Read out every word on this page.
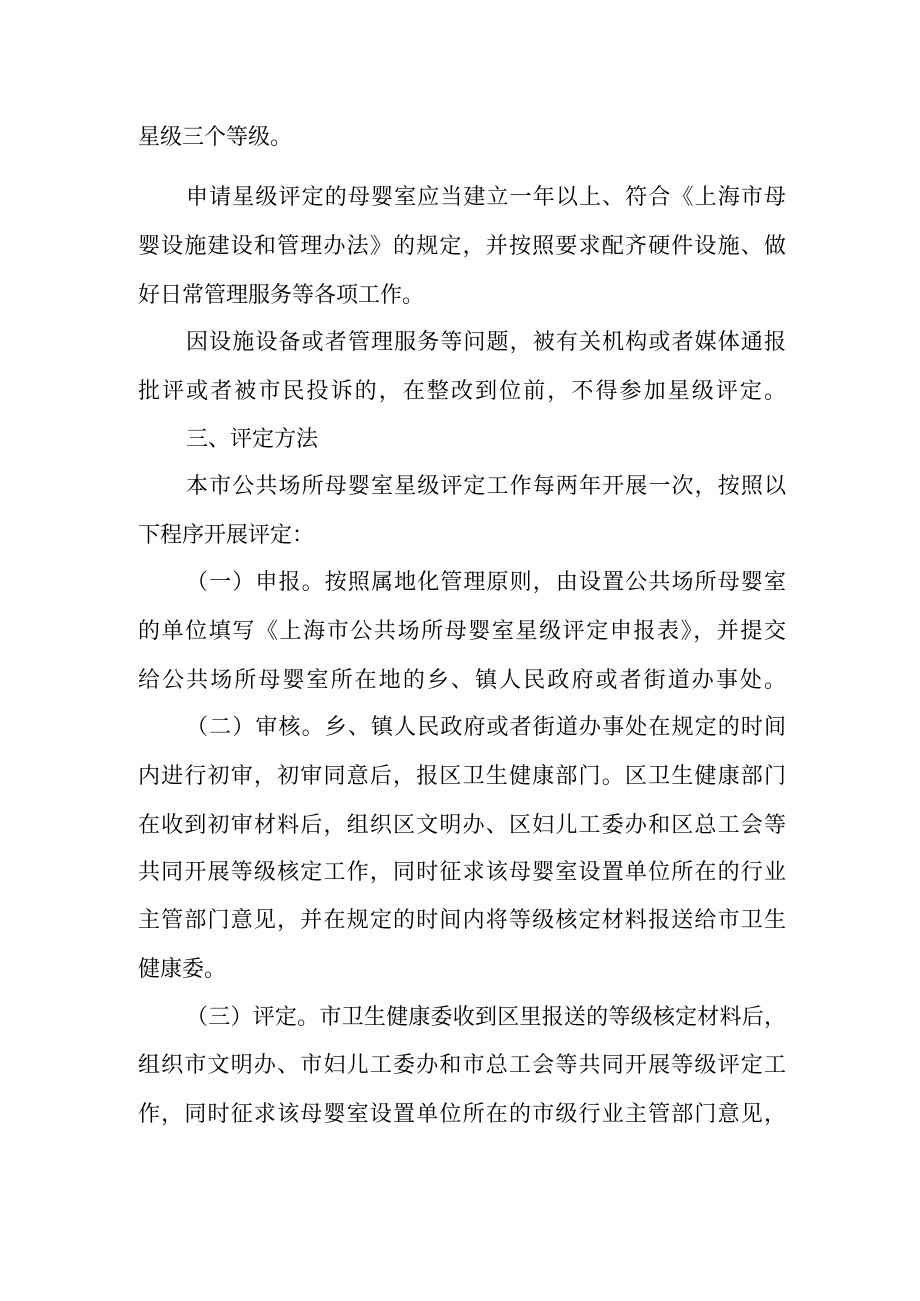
星级三个等级。
申请星级评定的母婴室应当建立一年以上、符合《上海市母
婴设施建设和管理办法》的规定，并按照要求配齐硬件设施、做
好日常管理服务等各项工作。
因设施设备或者管理服务等问题，被有关机构或者媒体通报
批评或者被市民投诉的，在整改到位前，不得参加星级评定。
三、评定方法
本市公共场所母婴室星级评定工作每两年开展一次，按照以
下程序开展评定：
（一）申报。按照属地化管理原则，由设置公共场所母婴室
的单位填写《上海市公共场所母婴室星级评定申报表》，并提交
给公共场所母婴室所在地的乡、镇人民政府或者街道办事处。
（二）审核。乡、镇人民政府或者街道办事处在规定的时间
内进行初审，初审同意后，报区卫生健康部门。区卫生健康部门
在收到初审材料后，组织区文明办、区妇儿工委办和区总工会等
共同开展等级核定工作，同时征求该母婴室设置单位所在的行业
主管部门意见，并在规定的时间内将等级核定材料报送给市卫生
健康委。
（三）评定。市卫生健康委收到区里报送的等级核定材料后，
组织市文明办、市妇儿工委办和市总工会等共同开展等级评定工
作，同时征求该母婴室设置单位所在的市级行业主管部门意见，
